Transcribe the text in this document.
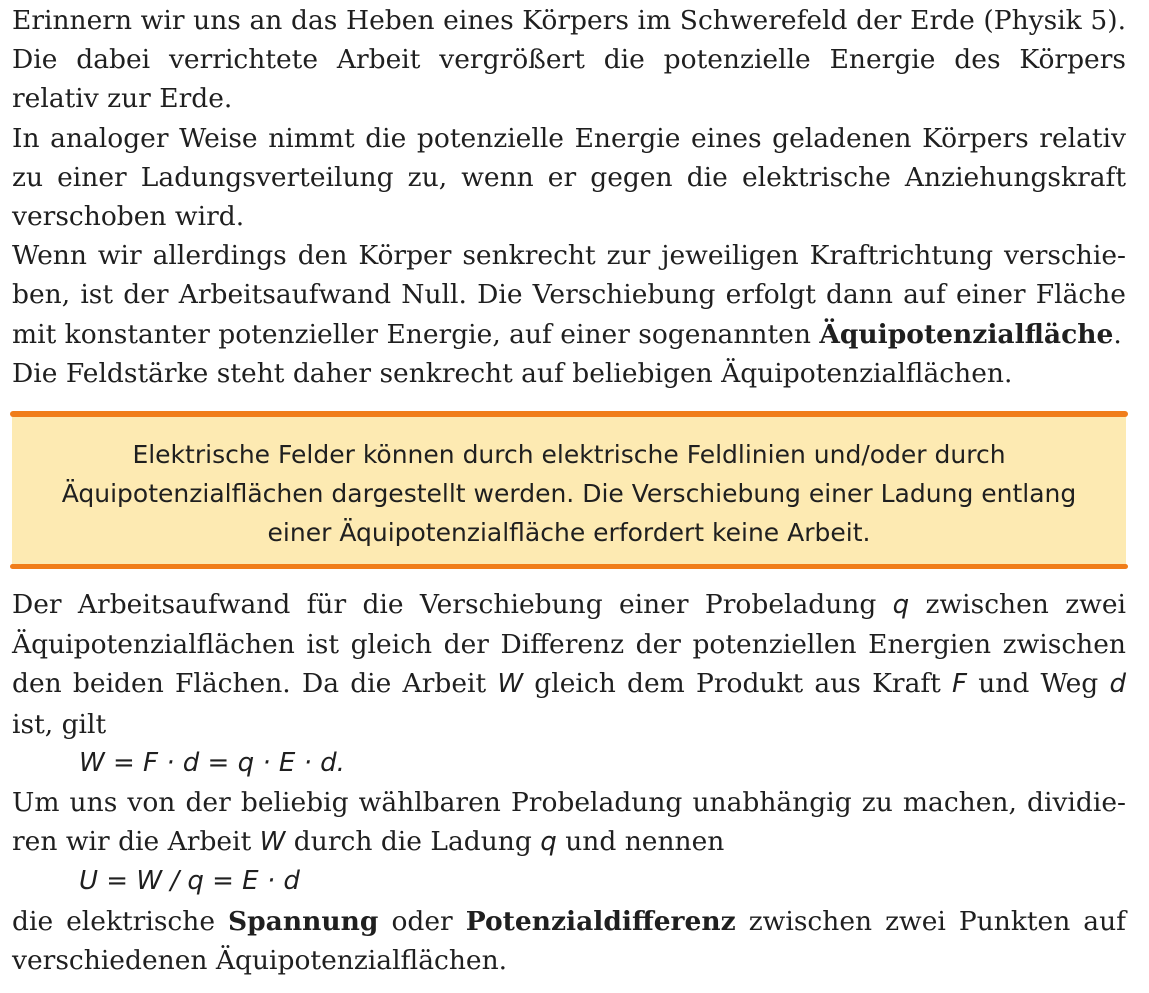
Erinnern wir uns an das Heben eines Körpers im Schwerefeld der Erde (Physik 5). Die dabei verrichtete Arbeit vergrößert die potenzielle Energie des Körpers relativ zur Erde.

In analoger Weise nimmt die potenzielle Energie eines geladenen Körpers relativ zu einer Ladungsverteilung zu, wenn er gegen die elektrische Anziehungskraft verschoben wird.

Wenn wir allerdings den Körper senkrecht zur jeweiligen Kraftrichtung verschieben, ist der Arbeitsaufwand Null. Die Verschiebung erfolgt dann auf einer Fläche mit konstanter potenzieller Energie, auf einer sogenannten Äquipotenzialfläche.

Die Feldstärke steht daher senkrecht auf beliebigen Äquipotenzialflächen.

Elektrische Felder können durch elektrische Feldlinien und/oder durch
Äquipotenzialflächen dargestellt werden. Die Verschiebung einer Ladung entlang
einer Äquipotenzialfläche erfordert keine Arbeit.

Der Arbeitsaufwand für die Verschiebung einer Probeladung q zwischen zwei Äquipotenzialflächen ist gleich der Differenz der potenziellen Energien zwischen den beiden Flächen. Da die Arbeit W gleich dem Produkt aus Kraft F und Weg d ist, gilt

W = F · d = q · E · d.

Um uns von der beliebig wählbaren Probeladung unabhängig zu machen, dividieren wir die Arbeit W durch die Ladung q und nennen

U = W / q = E · d

die elektrische Spannung oder Potenzialdifferenz zwischen zwei Punkten auf verschiedenen Äquipotenzialflächen.
